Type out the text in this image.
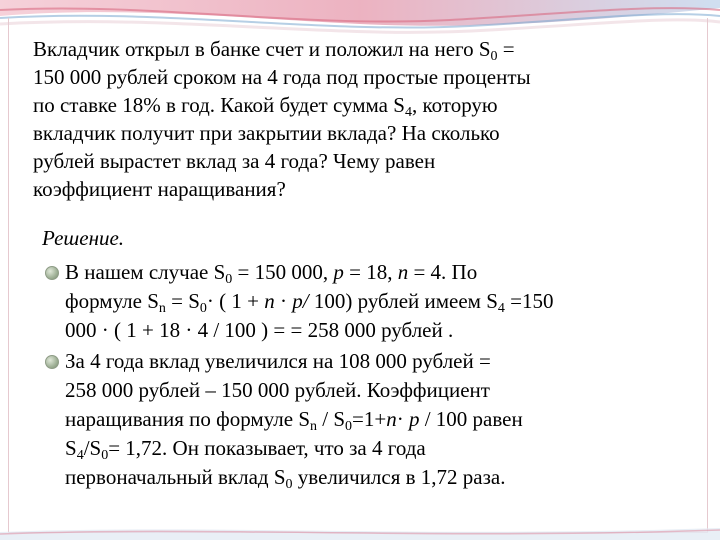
Вкладчик открыл в банке счет и положил на него $S_0$ =
150 000 рублей сроком на 4 года под простые проценты
по ставке 18% в год. Какой будет сумма $S_4$, которую
вкладчик получит при закрытии вклада? На сколько
рублей вырастет вклад за 4 года? Чему равен
коэффициент наращивания?
Решение.
В нашем случае $S_0 = 150$ 000, p = 18, n = 4. По
формуле $S_n = S_0\cdot$ ( 1 + n · p/ 100) рублей имеем $S_4 =150$
000 · ( 1 + 18 · 4 / 100 ) = = 258 000 рублей .
За 4 года вклад увеличился на 108 000 рублей =
258 000 рублей – 150 000 рублей. Коэффициент
наращивания по формуле $S_n / S_0=1+n\cdot р / 100$ равен
$S_4/S_0= 1,72$. Он показывает, что за 4 года
первоначальный вклад $S_0$ увеличился в 1,72 раза.
